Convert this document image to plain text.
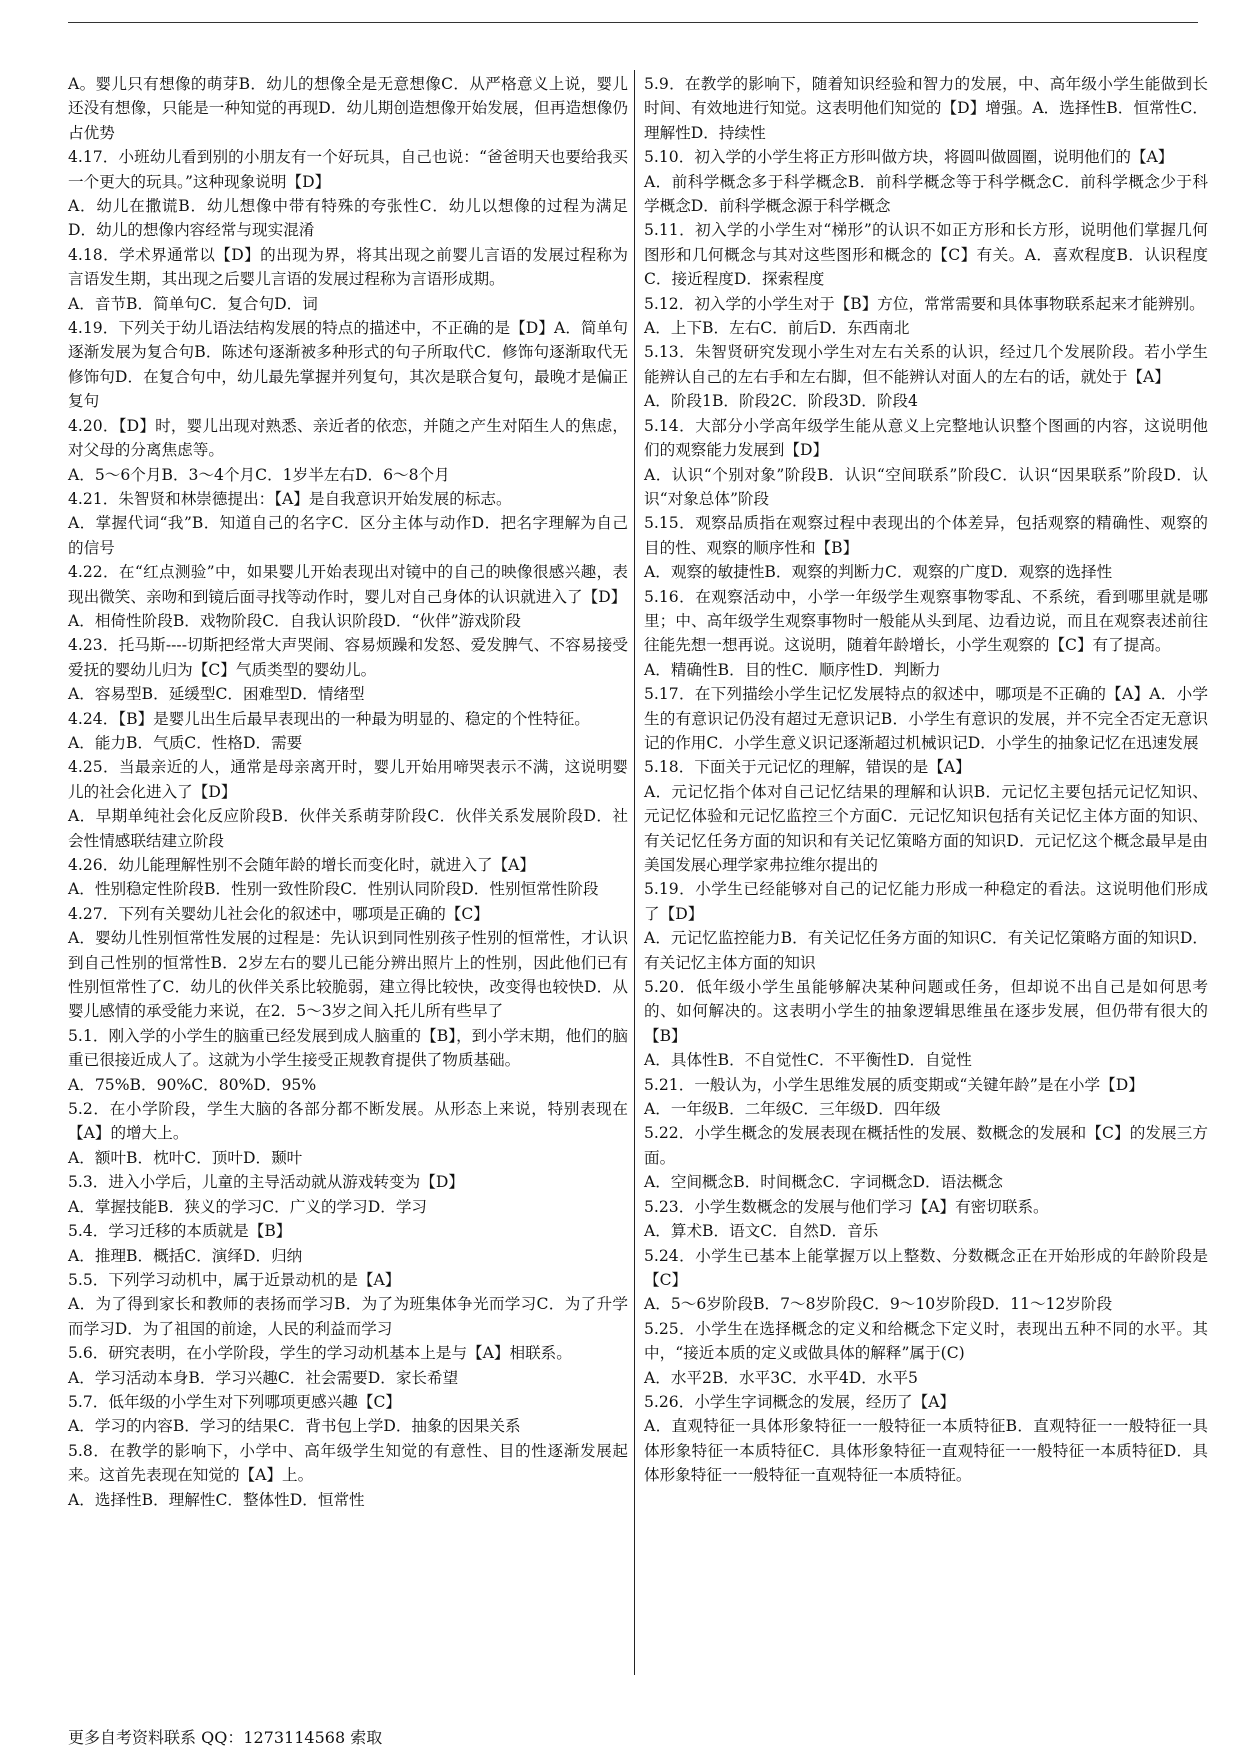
A。婴儿只有想像的萌芽B．幼儿的想像全是无意想像C．从严格意义上说，婴儿还没有想像，只能是一种知觉的再现D．幼儿期创造想像开始发展，但再造想像仍占优势
4.17．小班幼儿看到别的小朋友有一个好玩具，自己也说：“爸爸明天也要给我买一个更大的玩具。”这种现象说明【D】
A．幼儿在撒谎B．幼儿想像中带有特殊的夸张性C．幼儿以想像的过程为满足D．幼儿的想像内容经常与现实混淆
4.18．学术界通常以【D】的出现为界，将其出现之前婴儿言语的发展过程称为言语发生期，其出现之后婴儿言语的发展过程称为言语形成期。
A．音节B．简单句C．复合句D．词
4.19．下列关于幼儿语法结构发展的特点的描述中，不正确的是【D】A．简单句逐渐发展为复合句B．陈述句逐渐被多种形式的句子所取代C．修饰句逐渐取代无修饰句D．在复合句中，幼儿最先掌握并列复句，其次是联合复句，最晚才是偏正复句
4.20．【D】时，婴儿出现对熟悉、亲近者的依恋，并随之产生对陌生人的焦虑，对父母的分离焦虑等。
A．5～6个月B．3～4个月C．1岁半左右D．6～8个月
4.21．朱智贤和林崇德提出：【A】是自我意识开始发展的标志。
A．掌握代词“我”B．知道自己的名字C．区分主体与动作D．把名字理解为自己的信号
4.22．在“红点测验”中，如果婴儿开始表现出对镜中的自己的映像很感兴趣，表现出微笑、亲吻和到镜后面寻找等动作时，婴儿对自己身体的认识就进入了【D】
A．相倚性阶段B．戏物阶段C．自我认识阶段D．“伙伴”游戏阶段
4.23．托马斯----切斯把经常大声哭闹、容易烦躁和发怒、爱发脾气、不容易接受爱抚的婴幼儿归为【C】气质类型的婴幼儿。
A．容易型B．延缓型C．困难型D．情绪型
4.24．【B】是婴儿出生后最早表现出的一种最为明显的、稳定的个性特征。
A．能力B．气质C．性格D．需要
4.25．当最亲近的人，通常是母亲离开时，婴儿开始用啼哭表示不满，这说明婴儿的社会化进入了【D】
A．早期单纯社会化反应阶段B．伙伴关系萌芽阶段C．伙伴关系发展阶段D．社会性情感联结建立阶段
4.26．幼儿能理解性别不会随年龄的增长而变化时，就进入了【A】
A．性别稳定性阶段B．性别一致性阶段C．性别认同阶段D．性别恒常性阶段
4.27．下列有关婴幼儿社会化的叙述中，哪项是正确的【C】
A．婴幼儿性别恒常性发展的过程是：先认识到同性别孩子性别的恒常性，才认识到自己性别的恒常性B．2岁左右的婴儿已能分辨出照片上的性别，因此他们已有性别恒常性了C．幼儿的伙伴关系比较脆弱，建立得比较快，改变得也较快D．从婴儿感情的承受能力来说，在2．5～3岁之间入托儿所有些早了
5.1．刚入学的小学生的脑重已经发展到成人脑重的【B】，到小学末期，他们的脑重已很接近成人了。这就为小学生接受正规教育提供了物质基础。
A．75%B．90%C．80%D．95%
5.2．在小学阶段，学生大脑的各部分都不断发展。从形态上来说，特别表现在【A】的增大上。
A．额叶B．枕叶C．顶叶D．颞叶
5.3．进入小学后，儿童的主导活动就从游戏转变为【D】
A．掌握技能B．狭义的学习C．广义的学习D．学习
5.4．学习迁移的本质就是【B】
A．推理B．概括C．演绎D．归纳
5.5．下列学习动机中，属于近景动机的是【A】
A．为了得到家长和教师的表扬而学习B．为了为班集体争光而学习C．为了升学而学习D．为了祖国的前途，人民的利益而学习
5.6．研究表明，在小学阶段，学生的学习动机基本上是与【A】相联系。
A．学习活动本身B．学习兴趣C．社会需要D．家长希望
5.7．低年级的小学生对下列哪项更感兴趣【C】
A．学习的内容B．学习的结果C．背书包上学D．抽象的因果关系
5.8．在教学的影响下，小学中、高年级学生知觉的有意性、目的性逐渐发展起来。这首先表现在知觉的【A】上。
A．选择性B．理解性C．整体性D．恒常性
5.9．在教学的影响下，随着知识经验和智力的发展，中、高年级小学生能做到长时间、有效地进行知觉。这表明他们知觉的【D】增强。A．选择性B．恒常性C．理解性D．持续性
5.10．初入学的小学生将正方形叫做方块，将圆叫做圆圈，说明他们的【A】
A．前科学概念多于科学概念B．前科学概念等于科学概念C．前科学概念少于科学概念D．前科学概念源于科学概念
5.11．初入学的小学生对“梯形”的认识不如正方形和长方形，说明他们掌握几何图形和几何概念与其对这些图形和概念的【C】有关。A．喜欢程度B．认识程度C．接近程度D．探索程度
5.12．初入学的小学生对于【B】方位，常常需要和具体事物联系起来才能辨别。
A．上下B．左右C．前后D．东西南北
5.13．朱智贤研究发现小学生对左右关系的认识，经过几个发展阶段。若小学生能辨认自己的左右手和左右脚，但不能辨认对面人的左右的话，就处于【A】
A．阶段1B．阶段2C．阶段3D．阶段4
5.14．大部分小学高年级学生能从意义上完整地认识整个图画的内容，这说明他们的观察能力发展到【D】
A．认识“个别对象”阶段B．认识“空间联系”阶段C．认识“因果联系”阶段D．认识“对象总体”阶段
5.15．观察品质指在观察过程中表现出的个体差异，包括观察的精确性、观察的目的性、观察的顺序性和【B】
A．观察的敏捷性B．观察的判断力C．观察的广度D．观察的选择性
5.16．在观察活动中，小学一年级学生观察事物零乱、不系统，看到哪里就是哪里；中、高年级学生观察事物时一般能从头到尾、边看边说，而且在观察表述前往往能先想一想再说。这说明，随着年龄增长，小学生观察的【C】有了提高。
A．精确性B．目的性C．顺序性D．判断力
5.17．在下列描绘小学生记忆发展特点的叙述中，哪项是不正确的【A】A．小学生的有意识记仍没有超过无意识记B．小学生有意识的发展，并不完全否定无意识记的作用C．小学生意义识记逐渐超过机械识记D．小学生的抽象记忆在迅速发展
5.18．下面关于元记忆的理解，错误的是【A】
A．元记忆指个体对自己记忆结果的理解和认识B．元记忆主要包括元记忆知识、元记忆体验和元记忆监控三个方面C．元记忆知识包括有关记忆主体方面的知识、有关记忆任务方面的知识和有关记忆策略方面的知识D．元记忆这个概念最早是由美国发展心理学家弗拉维尔提出的
5.19．小学生已经能够对自己的记忆能力形成一种稳定的看法。这说明他们形成了【D】
A．元记忆监控能力B．有关记忆任务方面的知识C．有关记忆策略方面的知识D．有关记忆主体方面的知识
5.20．低年级小学生虽能够解决某种问题或任务，但却说不出自己是如何思考的、如何解决的。这表明小学生的抽象逻辑思维虽在逐步发展，但仍带有很大的【B】
A．具体性B．不自觉性C．不平衡性D．自觉性
5.21．一般认为，小学生思维发展的质变期或“关键年龄”是在小学【D】
A．一年级B．二年级C．三年级D．四年级
5.22．小学生概念的发展表现在概括性的发展、数概念的发展和【C】的发展三方面。
A．空间概念B．时间概念C．字词概念D．语法概念
5.23．小学生数概念的发展与他们学习【A】有密切联系。
A．算术B．语文C．自然D．音乐
5.24．小学生已基本上能掌握万以上整数、分数概念正在开始形成的年龄阶段是【C】
A．5～6岁阶段B．7～8岁阶段C．9～10岁阶段D．11～12岁阶段
5.25．小学生在选择概念的定义和给概念下定义时，表现出五种不同的水平。其中，“接近本质的定义或做具体的解释”属于(C)
A．水平2B．水平3C．水平4D．水平5
5.26．小学生字词概念的发展，经历了【A】
A．直观特征一具体形象特征一一般特征一本质特征B．直观特征一一般特征一具体形象特征一本质特征C．具体形象特征一直观特征一一般特征一本质特征D．具体形象特征一一般特征一直观特征一本质特征。
更多自考资料联系 QQ：1273114568 索取
